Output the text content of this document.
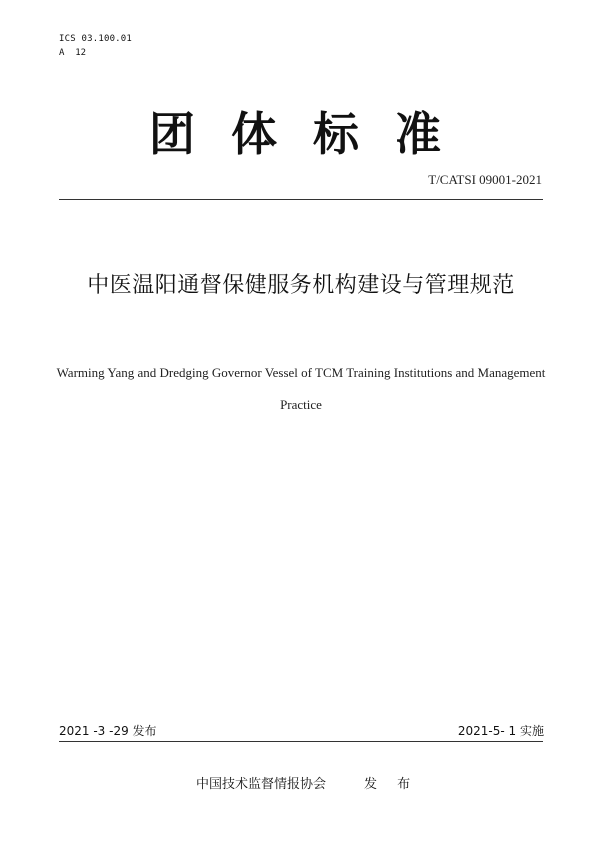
ICS 03.100.01
A  12
团 体 标 准
T/CATSI 09001-2021
中医温阳通督保健服务机构建设与管理规范
Warming Yang and Dredging Governor Vessel of TCM Training Institutions and Management Practice
2021 -3 -29 发布	2021-5- 1 实施
中国技术监督情报协会	发 布
